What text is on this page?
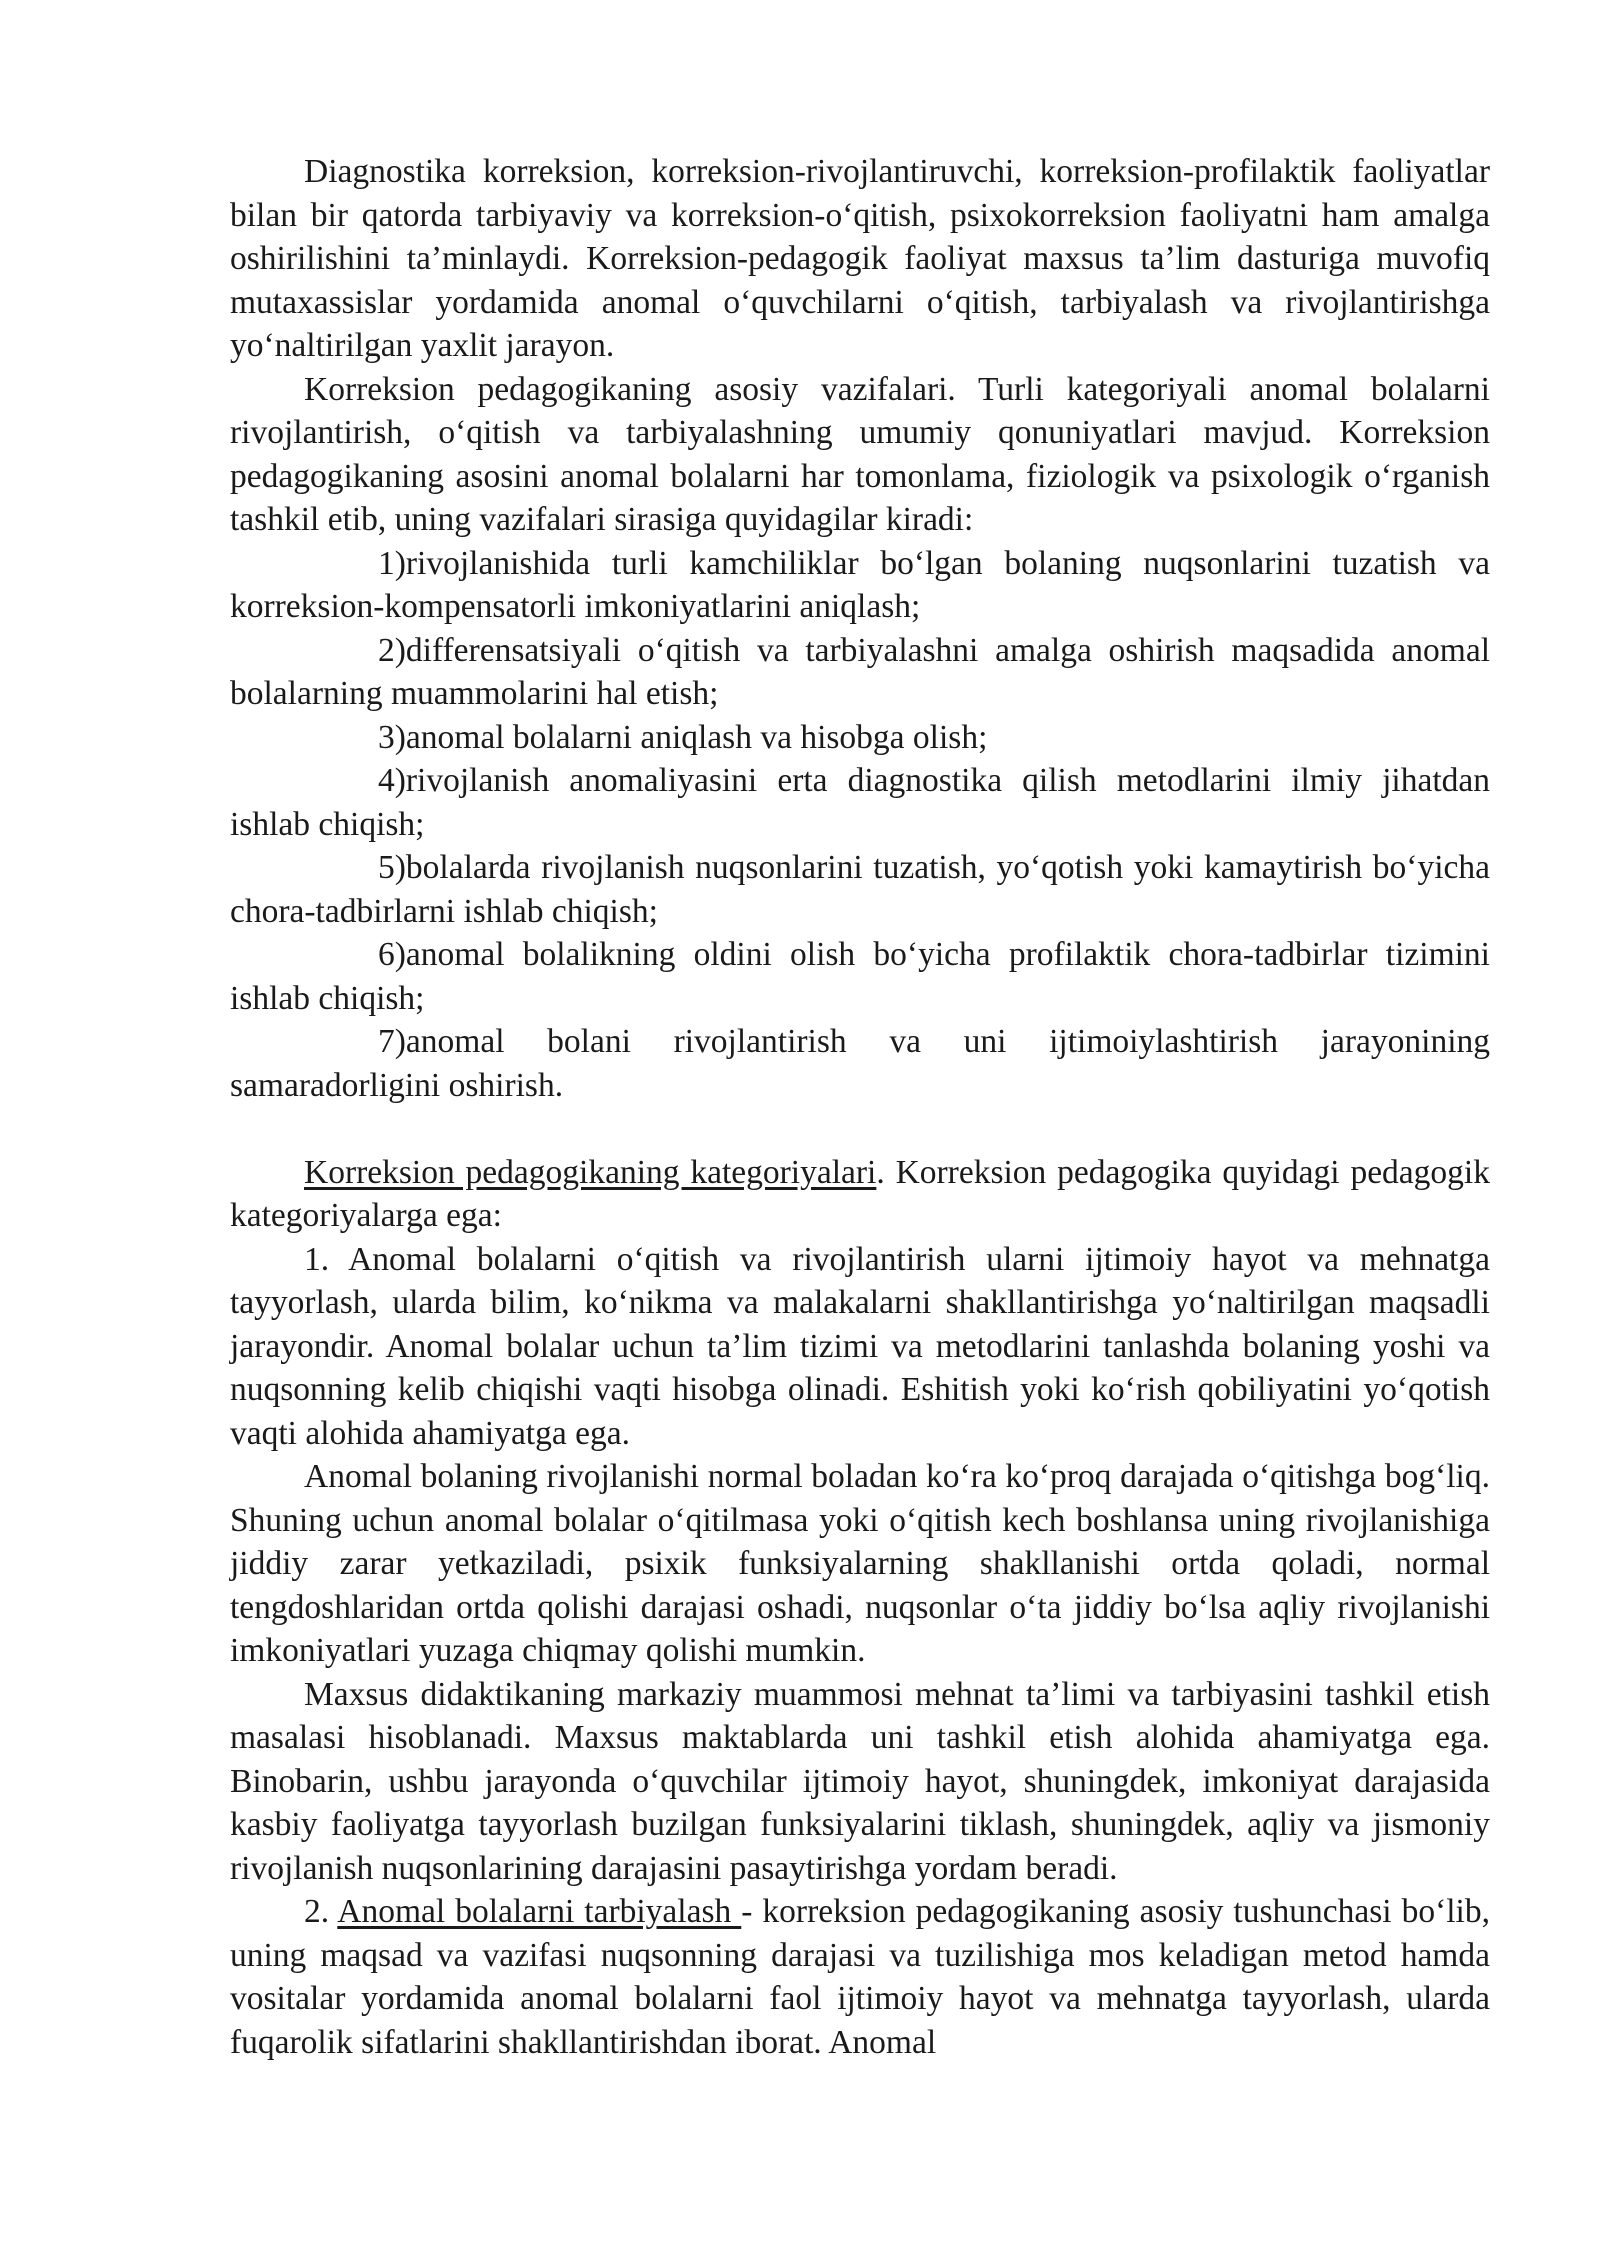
Diagnostika korreksion, korreksion-rivojlantiruvchi, korreksion-profilaktik faoliyatlar bilan bir qatorda tarbiyaviy va korreksion-o‘qitish, psixokorreksion faoliyatni ham amalga oshirilishini ta’minlaydi. Korreksion-pedagogik faoliyat maxsus ta’lim dasturiga muvofiq mutaxassislar yordamida anomal o‘quvchilarni o‘qitish, tarbiyalash va rivojlantirishga yo‘naltirilgan yaxlit jarayon.

Korreksion pedagogikaning asosiy vazifalari. Turli kategoriyali anomal bolalarni rivojlantirish, o‘qitish va tarbiyalashning umumiy qonuniyatlari mavjud. Korreksion pedagogikaning asosini anomal bolalarni har tomonlama, fiziologik va psixologik o‘rganish tashkil etib, uning vazifalari sirasiga quyidagilar kiradi:

1)rivojlanishida turli kamchiliklar bo‘lgan bolaning nuqsonlarini tuzatish va korreksion-kompensatorli imkoniyatlarini aniqlash;

2)differensatsiyali o‘qitish va tarbiyalashni amalga oshirish maqsadida anomal bolalarning muammolarini hal etish;

3)anomal bolalarni aniqlash va hisobga olish;

4)rivojlanish anomaliyasini erta diagnostika qilish metodlarini ilmiy jihatdan ishlab chiqish;

5)bolalarda rivojlanish nuqsonlarini tuzatish, yo‘qotish yoki kamaytirish bo‘yicha chora-tadbirlarni ishlab chiqish;

6)anomal bolalikning oldini olish bo‘yicha profilaktik chora-tadbirlar tizimini ishlab chiqish;

7)anomal bolani rivojlantirish va uni ijtimoiylashtirish jarayonining samaradorligini oshirish.

Korreksion pedagogikaning kategoriyalari. Korreksion pedagogika quyidagi pedagogik kategoriyalarga ega:

1. Anomal bolalarni o‘qitish va rivojlantirish ularni ijtimoiy hayot va mehnatga tayyorlash, ularda bilim, ko‘nikma va malakalarni shakllantirishga yo‘naltirilgan maqsadli jarayondir. Anomal bolalar uchun ta’lim tizimi va metodlarini tanlashda bolaning yoshi va nuqsonning kelib chiqishi vaqti hisobga olinadi. Eshitish yoki ko‘rish qobiliyatini yo‘qotish vaqti alohida ahamiyatga ega.

Anomal bolaning rivojlanishi normal boladan ko‘ra ko‘proq darajada o‘qitishga bog‘liq. Shuning uchun anomal bolalar o‘qitilmasa yoki o‘qitish kech boshlansa uning rivojlanishiga jiddiy zarar yetkaziladi, psixik funksiyalarning shakllanishi ortda qoladi, normal tengdoshlaridan ortda qolishi darajasi oshadi, nuqsonlar o‘ta jiddiy bo‘lsa aqliy rivojlanishi imkoniyatlari yuzaga chiqmay qolishi mumkin.

Maxsus didaktikaning markaziy muammosi mehnat ta’limi va tarbiyasini tashkil etish masalasi hisoblanadi. Maxsus maktablarda uni tashkil etish alohida ahamiyatga ega. Binobarin, ushbu jarayonda o‘quvchilar ijtimoiy hayot, shuningdek, imkoniyat darajasida kasbiy faoliyatga tayyorlash buzilgan funksiyalarini tiklash, shuningdek, aqliy va jismoniy rivojlanish nuqsonlarining darajasini pasaytirishga yordam beradi.

2. Anomal bolalarni tarbiyalash - korreksion pedagogikaning asosiy tushunchasi bo‘lib, uning maqsad va vazifasi nuqsonning darajasi va tuzilishiga mos keladigan metod hamda vositalar yordamida anomal bolalarni faol ijtimoiy hayot va mehnatga tayyorlash, ularda fuqarolik sifatlarini shakllantirishdan iborat. Anomal
